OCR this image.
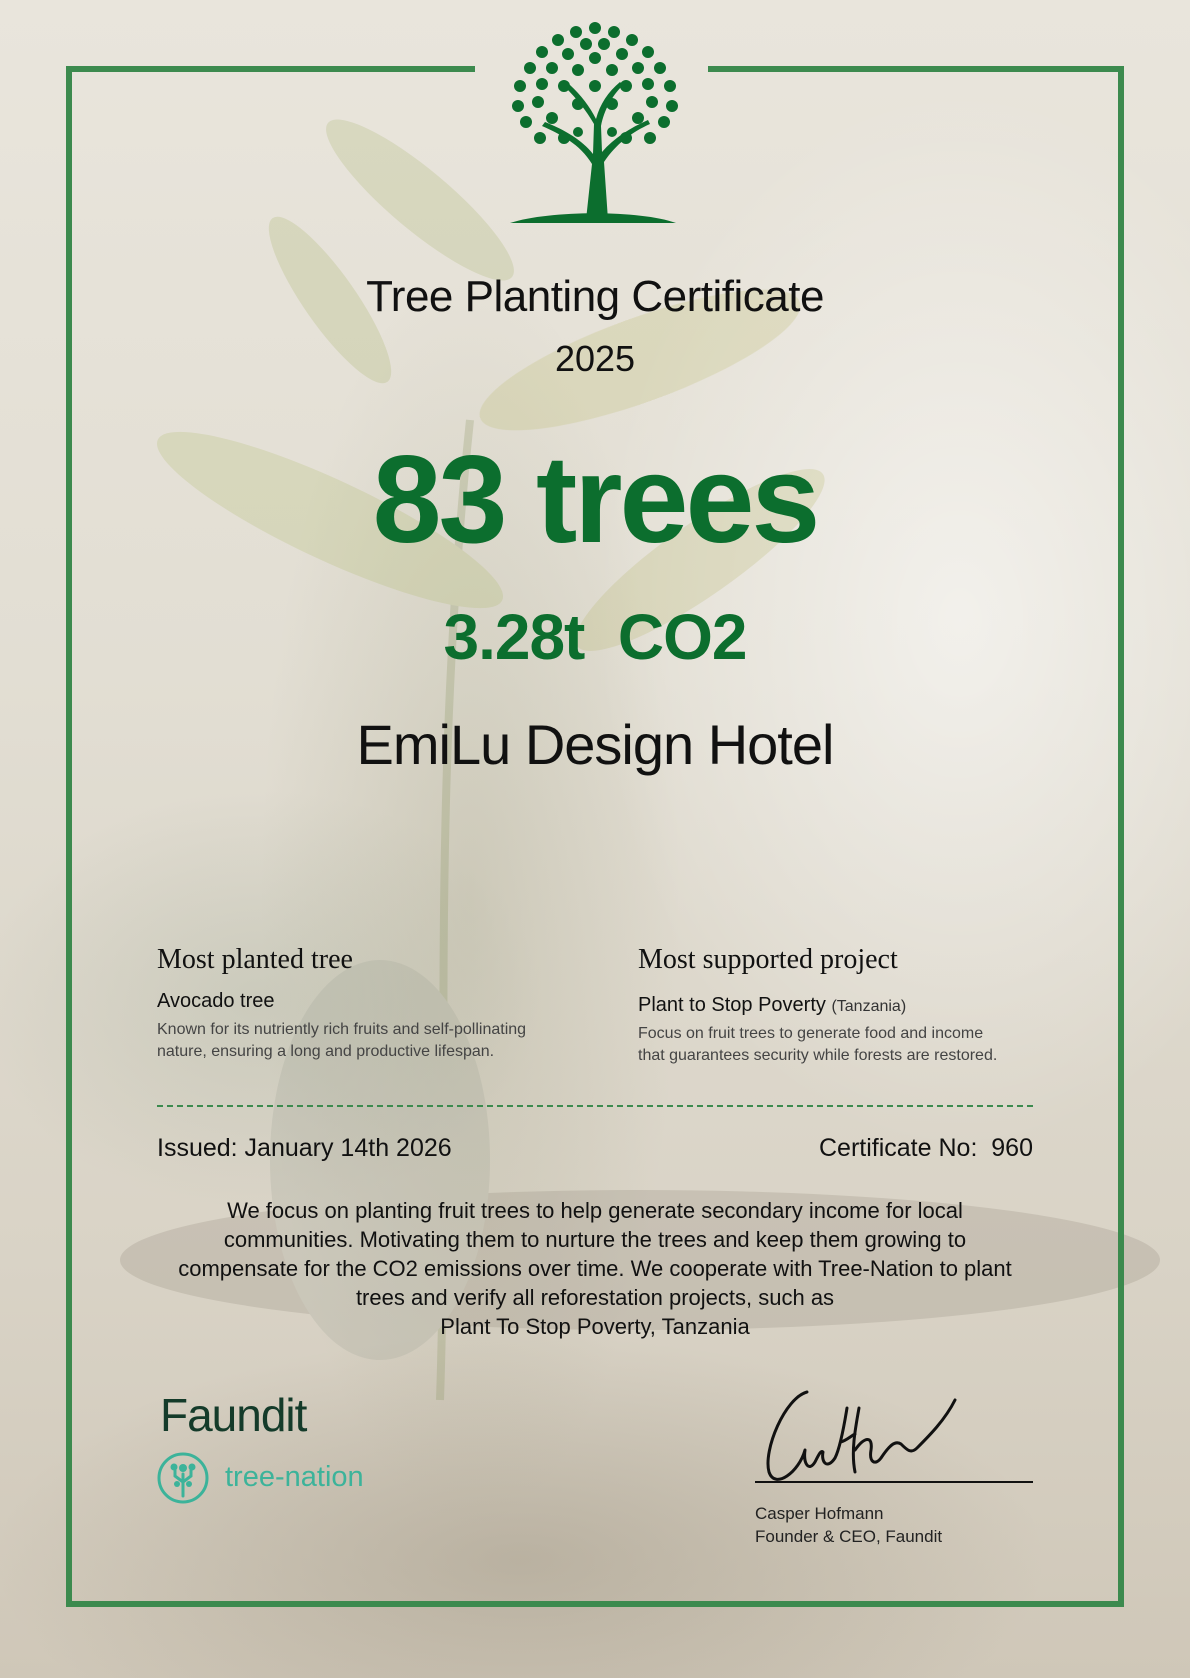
Tree Planting Certificate
2025
83 trees
3.28t  CO2
EmiLu Design Hotel

Most planted tree

Avocado tree

Known for its nutriently rich fruits and self-pollinating
nature, ensuring a long and productive lifespan.

Most supported project

Plant to Stop Poverty (Tanzania)

Focus on fruit trees to generate food and income
that guarantees security while forests are restored.

Issued: January 14th 2026	Certificate No:  960
We focus on planting fruit trees to help generate secondary income for local
communities. Motivating them to nurture the trees and keep them growing to
compensate for the CO2 emissions over time. We cooperate with Tree-Nation to plant
trees and verify all reforestation projects, such as
Plant To Stop Poverty, Tanzania
Faundit
tree-nation
Casper Hofmann
Founder & CEO, Faundit
